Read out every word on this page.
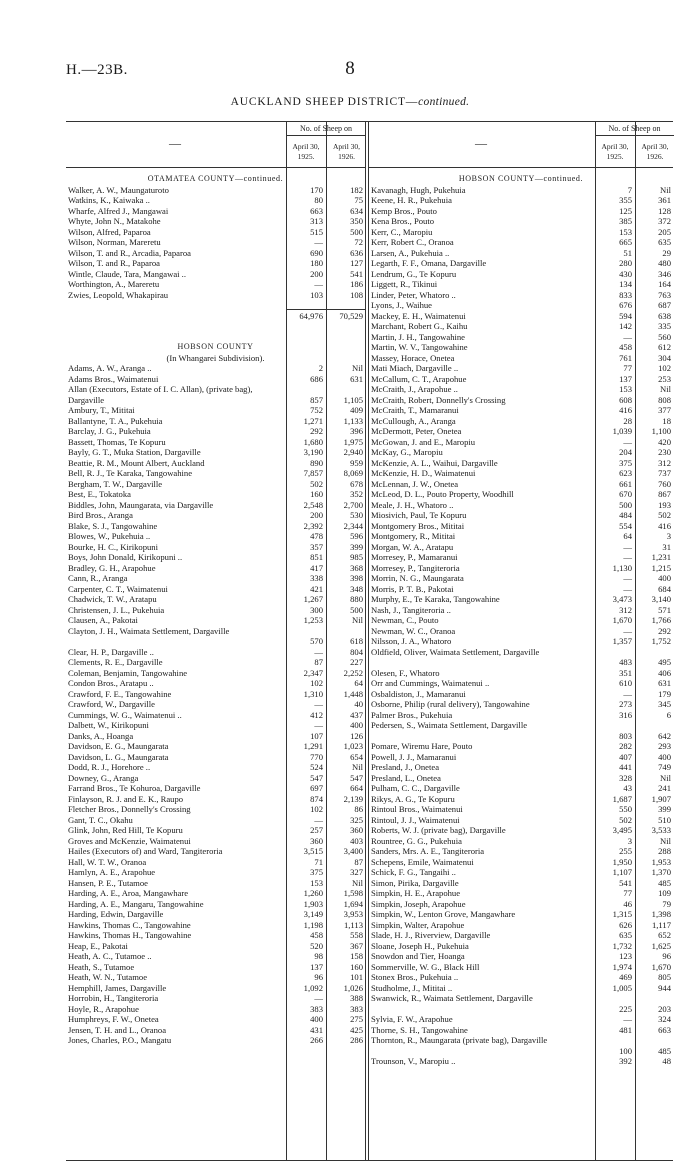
H.—23B.	8
AUCKLAND SHEEP DISTRICT—continued.
—
No. of Sheep on
April 30, 1925.
April 30, 1926.
OTAMATEA COUNTY—continued.
Walker, A. W., Maungaturoto	170	182
Watkins, K., Kaiwaka ..	80	75
Wharfe, Alfred J., Mangawai	663	634
Whyte, John N., Matakohe	313	350
Wilson, Alfred, Paparoa	515	500
Wilson, Norman, Mareretu	—	72
Wilson, T. and R., Arcadia, Paparoa	690	636
Wilson, T. and R., Paparoa	180	127
Wintle, Claude, Tara, Mangawai ..	200	541
Worthington, A., Mareretu	—	186
Zwies, Leopold, Whakapirau	103	108
64,976	70,529
HOBSON COUNTY
(In Whangarei Subdivision).
Adams, A. W., Aranga ..	2	Nil
Adams Bros., Waimatenui	686	631
Allan (Executors, Estate of I. C. Allan), (private bag), Dargaville	857	1,105
Ambury, T., Mititai	752	409
Ballantyne, T. A., Pukehuia	1,271	1,133
Barclay, J. G., Pukehuia	292	396
Bassett, Thomas, Te Kopuru	1,680	1,975
Bayly, G. T., Muka Station, Dargaville	3,190	2,940
Beattie, R. M., Mount Albert, Auckland	890	959
Bell, R. J., Te Karaka, Tangowahine	7,857	8,069
Bergham, T. W., Dargaville	502	678
Best, E., Tokatoka	160	352
Biddles, John, Maungarata, via Dargaville	2,548	2,700
Bird Bros., Aranga	200	530
Blake, S. J., Tangowahine	2,392	2,344
Blowes, W., Pukehuia ..	478	596
Bourke, H. C., Kirikopuni	357	399
Boys, John Donald, Kirikopuni ..	851	985
Bradley, G. H., Arapohue	417	368
Cann, R., Aranga	338	398
Carpenter, C. T., Waimatenui	421	348
Chadwick, T. W., Aratapu	1,267	880
Christensen, J. L., Pukehuia	300	500
Clausen, A., Pakotai	1,253	Nil
Clayton, J. H., Waimata Settlement, Dargaville
570	618
Clear, H. P., Dargaville ..	—	804
Clements, R. E., Dargaville	87	227
Coleman, Benjamin, Tangowahine	2,347	2,252
Condon Bros., Aratapu ..	102	64
Crawford, F. E., Tangowahine	1,310	1,448
Crawford, W., Dargaville	—	40
Cummings, W. G., Waimatenui ..	412	437
Dalbett, W., Kirikopuni	—	400
Danks, A., Hoanga	107	126
Davidson, E. G., Maungarata	1,291	1,023
Davidson, L. G., Maungarata	770	654
Dodd, R. J., Horehore ..	524	Nil
Downey, G., Aranga	547	547
Farrand Bros., Te Kohuroa, Dargaville	697	664
Finlayson, R. J. and E. K., Raupo	874	2,139
Fletcher Bros., Donnelly's Crossing	102	86
Gant, T. C., Okahu	—	325
Glink, John, Red Hill, Te Kopuru	257	360
Groves and McKenzie, Waimatenui	360	403
Hailes (Executors of) and Ward, Tangiteroria	3,515	3,400
Hall, W. T. W., Oranoa	71	87
Hamlyn, A. E., Arapohue	375	327
Hansen, P. E., Tutamoe	153	Nil
Harding, A. E., Aroa, Mangawhare	1,260	1,598
Harding, A. E., Mangaru, Tangowahine	1,903	1,694
Harding, Edwin, Dargaville	3,149	3,953
Hawkins, Thomas C., Tangowahine	1,198	1,113
Hawkins, Thomas H., Tangowahine	458	558
Heap, E., Pakotai	520	367
Heath, A. C., Tutamoe ..	98	158
Heath, S., Tutamoe	137	160
Heath, W. N., Tutamoe	96	101
Hemphill, James, Dargaville	1,092	1,026
Horrobin, H., Tangiteroria	—	388
Hoyle, R., Arapohue	383	383
Humphreys, F. W., Onetea	400	275
Jensen, T. H. and L., Oranoa	431	425
Jones, Charles, P.O., Mangatu	266	286
—
No. of Sheep on
April 30, 1925.
April 30, 1926.
HOBSON COUNTY—continued.
Kavanagh, Hugh, Pukehuia	7	Nil
Keene, H. R., Pukehuia	355	361
Kemp Bros., Pouto	125	128
Kena Bros., Pouto	385	372
Kerr, C., Maropiu	153	205
Kerr, Robert C., Oranoa	665	635
Larsen, A., Pukehuia ..	51	29
Legarth, F. F., Omana, Dargaville	280	480
Lendrum, G., Te Kopuru	430	346
Liggett, R., Tikinui	134	164
Linder, Peter, Whatoro ..	833	763
Lyons, J., Waihue	676	687
Mackey, E. H., Waimatenui	594	638
Marchant, Robert G., Kaihu	142	335
Martin, J. H., Tangowahine	—	560
Martin, W. V., Tangowahine	458	612
Massey, Horace, Onetea	761	304
Mati Miach, Dargaville ..	77	102
McCallum, C. T., Arapohue	137	253
McCraith, J., Arapohue ..	153	Nil
McCraith, Robert, Donnelly's Crossing	608	808
McCraith, T., Mamaranui	416	377
McCullough, A., Aranga	28	18
McDermott, Peter, Onetea	1,039	1,100
McGowan, J. and E., Maropiu	—	420
McKay, G., Maropiu	204	230
McKenzie, A. L., Waihui, Dargaville	375	312
McKenzie, H. D., Waimatenui	623	737
McLennan, J. W., Onetea	661	760
McLeod, D. L., Pouto Property, Woodhill	670	867
Meale, J. H., Whatoro ..	500	193
Miosivich, Paul, Te Kopuru	484	502
Montgomery Bros., Mititai	554	416
Montgomery, R., Mititai	64	3
Morgan, W. A., Aratapu	—	31
Morresey, P., Mamaranui	—	1,231
Morresey, P., Tangiteroria	1,130	1,215
Morrin, N. G., Maungarata	—	400
Morris, P. T. B., Pakotai	—	684
Murphy, E., Te Karaka, Tangowahine	3,473	3,140
Nash, J., Tangiteroria ..	312	571
Newman, C., Pouto	1,670	1,766
Newman, W. C., Oranoa	—	292
Nilsson, J. A., Whatoro	1,357	1,752
Oldfield, Oliver, Waimata Settlement, Dargaville
483	495
Olesen, F., Whatoro	351	406
Orr and Cummings, Waimatenui ..	610	631
Osbaldiston, J., Mamaranui	—	179
Osborne, Philip (rural delivery), Tangowahine	273	345
Palmer Bros., Pukehuia	316	6
Pedersen, S., Waimata Settlement, Dargaville
803	642
Pomare, Wiremu Hare, Pouto	282	293
Powell, J. J., Mamaranui	407	400
Presland, J., Onetea	441	749
Presland, L., Onetea	328	Nil
Pulham, C. C., Dargaville	43	241
Rikys, A. G., Te Kopuru	1,687	1,907
Rintoul Bros., Waimatenui	550	399
Rintoul, J. J., Waimatenui	502	510
Roberts, W. J. (private bag), Dargaville	3,495	3,533
Rountree, G. G., Pukehuia	3	Nil
Sanders, Mrs. A. E., Tangiteroria	255	288
Schepens, Emile, Waimatenui	1,950	1,953
Schick, F. G., Tangaihi ..	1,107	1,370
Simon, Pirika, Dargaville	541	485
Simpkin, H. E., Arapohue	77	109
Simpkin, Joseph, Arapohue	46	79
Simpkin, W., Lenton Grove, Mangawhare	1,315	1,398
Simpkin, Walter, Arapohue	626	1,117
Slade, H. J., Riverview, Dargaville	635	652
Sloane, Joseph H., Pukehuia	1,732	1,625
Snowdon and Tier, Hoanga	123	96
Sommerville, W. G., Black Hill	1,974	1,670
Stonex Bros., Pukehuia ..	469	805
Studholme, J., Mititai ..	1,005	944
Swanwick, R., Waimata Settlement, Dargaville
225	203
Sylvia, F. W., Arapohue	—	324
Thorne, S. H., Tangowahine	481	663
Thornton, R., Maungarata (private bag), Dargaville
100	485
Trounson, V., Maropiu ..	392	48
